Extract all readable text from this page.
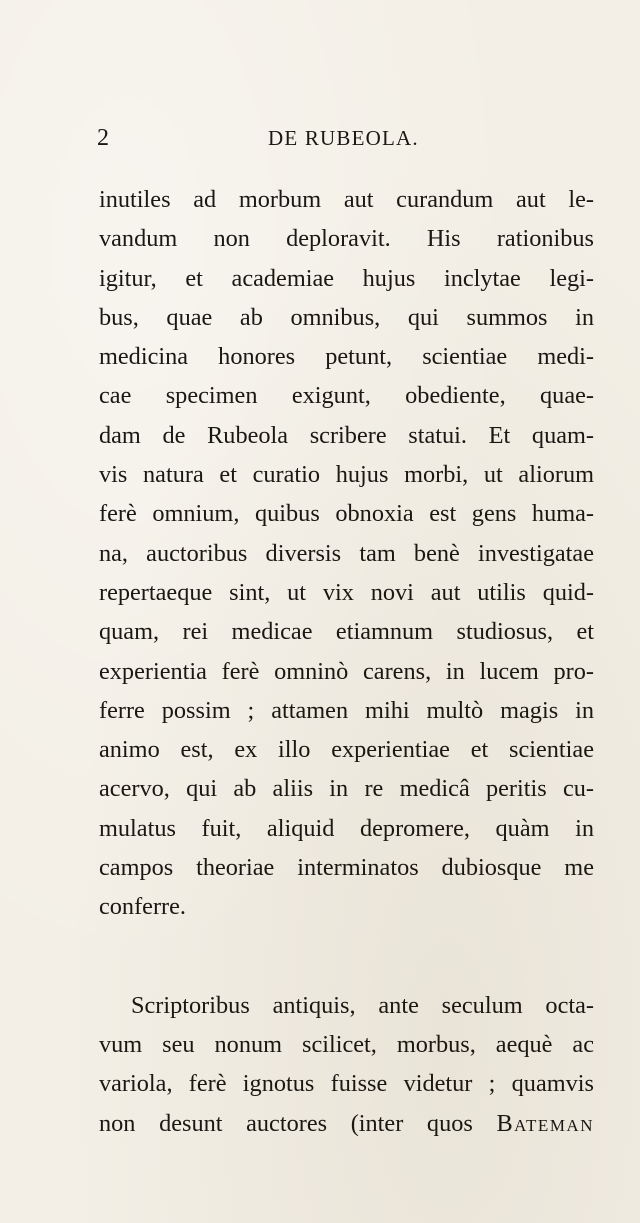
2	DE RUBEOLA.
inutiles ad morbum aut curandum aut le-
vandum non deploravit. His rationibus
igitur, et academiae hujus inclytae legi-
bus, quae ab omnibus, qui summos in
medicina honores petunt, scientiae medi-
cae specimen exigunt, obediente, quae-
dam de Rubeola scribere statui. Et quam-
vis natura et curatio hujus morbi, ut aliorum
ferè omnium, quibus obnoxia est gens huma-
na, auctoribus diversis tam benè investigatae
repertaeque sint, ut vix novi aut utilis quid-
quam, rei medicae etiamnum studiosus, et
experientia ferè omninò carens, in lucem pro-
ferre possim ; attamen mihi multò magis in
animo est, ex illo experientiae et scientiae
acervo, qui ab aliis in re medicâ peritis cu-
mulatus fuit, aliquid depromere, quàm in
campos theoriae interminatos dubiosque me
conferre.
Scriptoribus antiquis, ante seculum octa-
vum seu nonum scilicet, morbus, aequè ac
variola, ferè ignotus fuisse videtur ; quamvis
non desunt auctores (inter quos Bateman
